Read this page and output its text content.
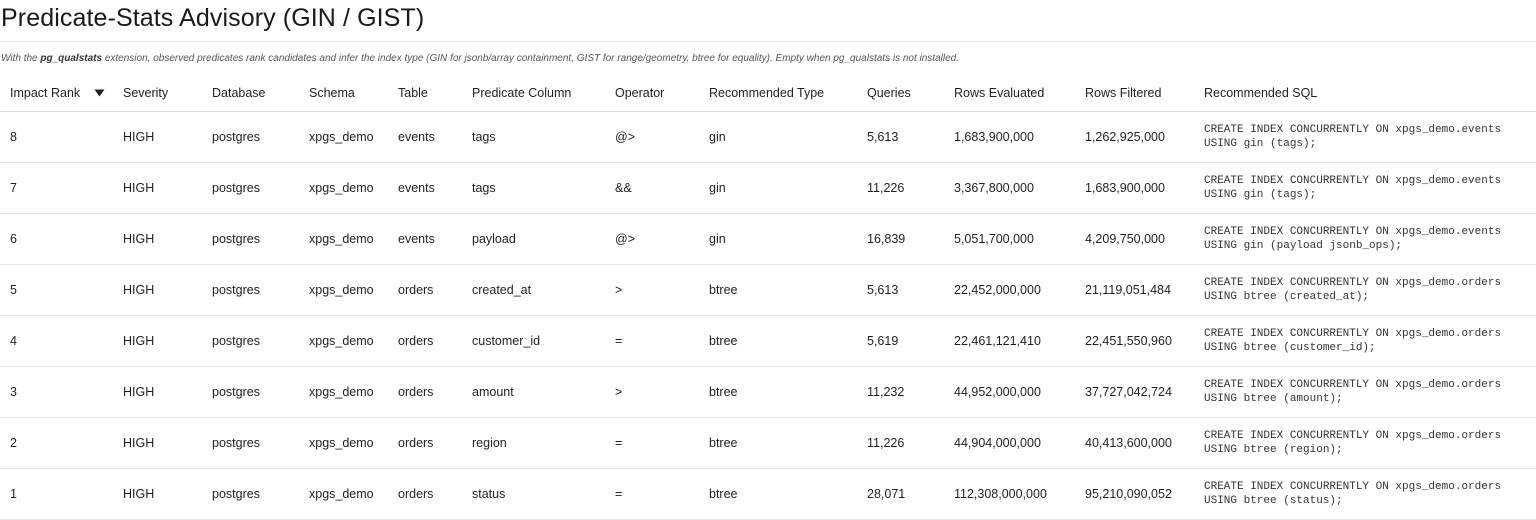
Predicate-Stats Advisory (GIN / GIST)
With the pg_qualstats extension, observed predicates rank candidates and infer the index type (GIN for jsonb/array containment, GIST for range/geometry, btree for equality). Empty when pg_qualstats is not installed.
Impact Rank	Severity	Database	Schema	Table	Predicate Column	Operator	Recommended Type	Queries	Rows Evaluated	Rows Filtered	Recommended SQL
8	HIGH	postgres	xpgs_demo	events	tags	@>	gin	5,613	1,683,900,000	1,262,925,000	CREATE INDEX CONCURRENTLY ON xpgs_demo.events
USING gin (tags);
7	HIGH	postgres	xpgs_demo	events	tags	&&	gin	11,226	3,367,800,000	1,683,900,000	CREATE INDEX CONCURRENTLY ON xpgs_demo.events
USING gin (tags);
6	HIGH	postgres	xpgs_demo	events	payload	@>	gin	16,839	5,051,700,000	4,209,750,000	CREATE INDEX CONCURRENTLY ON xpgs_demo.events
USING gin (payload jsonb_ops);
5	HIGH	postgres	xpgs_demo	orders	created_at	>	btree	5,613	22,452,000,000	21,119,051,484	CREATE INDEX CONCURRENTLY ON xpgs_demo.orders
USING btree (created_at);
4	HIGH	postgres	xpgs_demo	orders	customer_id	=	btree	5,619	22,461,121,410	22,451,550,960	CREATE INDEX CONCURRENTLY ON xpgs_demo.orders
USING btree (customer_id);
3	HIGH	postgres	xpgs_demo	orders	amount	>	btree	11,232	44,952,000,000	37,727,042,724	CREATE INDEX CONCURRENTLY ON xpgs_demo.orders
USING btree (amount);
2	HIGH	postgres	xpgs_demo	orders	region	=	btree	11,226	44,904,000,000	40,413,600,000	CREATE INDEX CONCURRENTLY ON xpgs_demo.orders
USING btree (region);
1	HIGH	postgres	xpgs_demo	orders	status	=	btree	28,071	112,308,000,000	95,210,090,052	CREATE INDEX CONCURRENTLY ON xpgs_demo.orders
USING btree (status);
